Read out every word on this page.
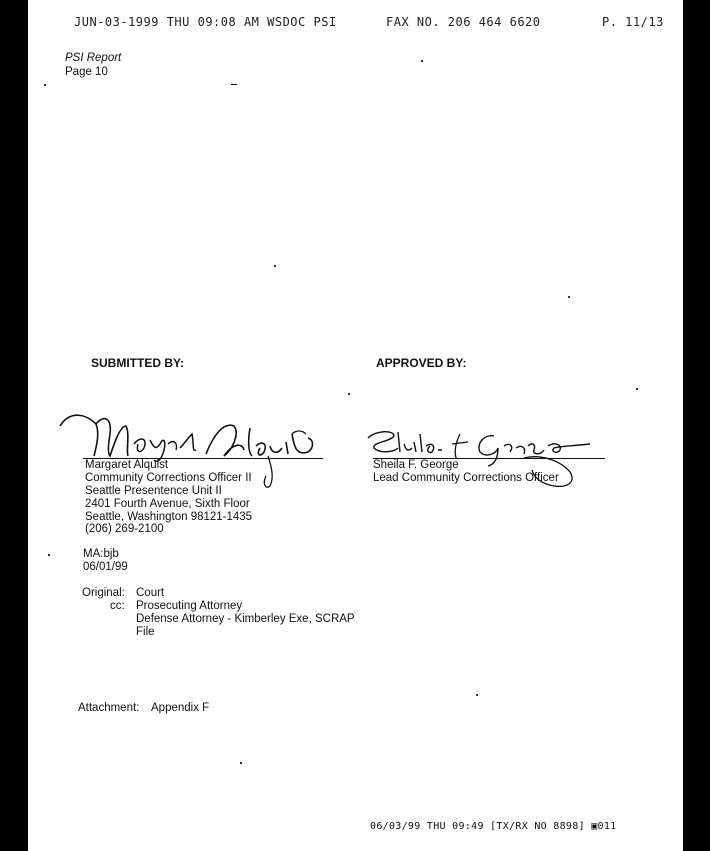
JUN-03-1999 THU 09:08 AM WSDOC PSI	FAX NO. 206 464 6620	P. 11/13
PSI Report
Page 10
SUBMITTED BY:	APPROVED BY:
Margaret Alquist
Community Corrections Officer II
Seattle Presentence Unit II
2401 Fourth Avenue, Sixth Floor
Seattle, Washington 98121-1435
(206) 269-2100
Sheila F. George
Lead Community Corrections Officer
MA:bjb
06/01/99
Original: Court
cc: Prosecuting Attorney
Defense Attorney - Kimberley Exe, SCRAP
File
Attachment: Appendix F
06/03/99 THU 09:49 [TX/RX NO 8898] ▣011
